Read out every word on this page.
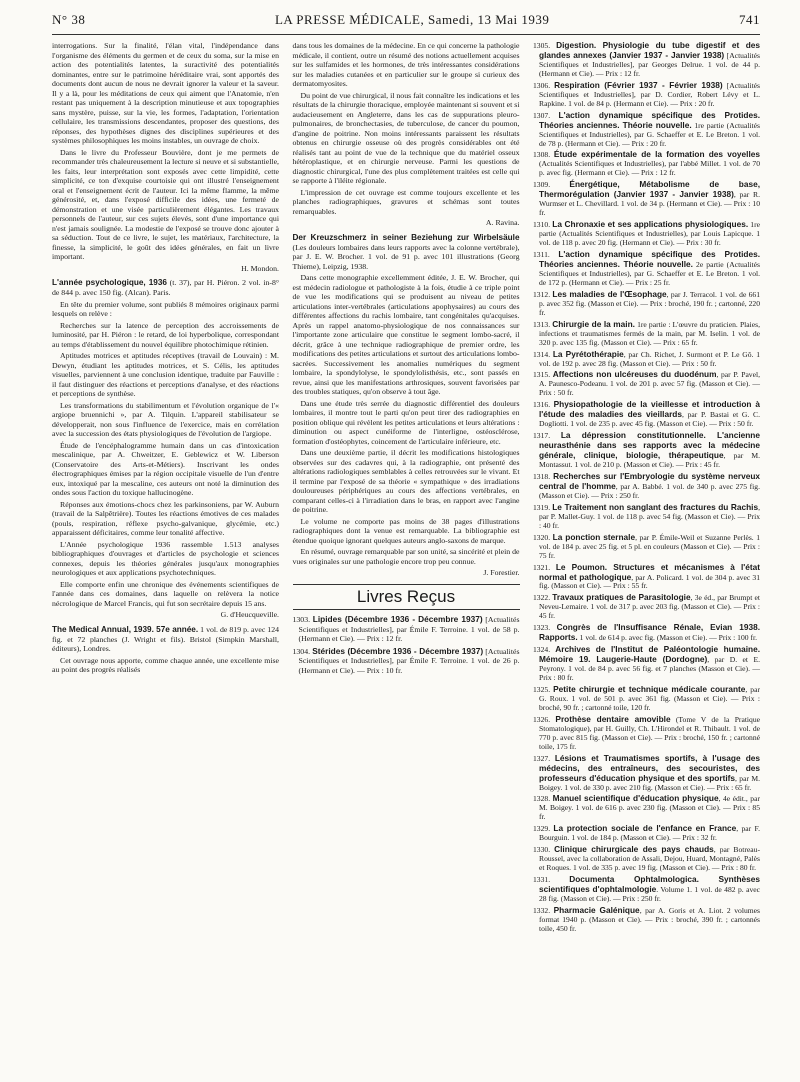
N° 38	LA PRESSE MÉDICALE, Samedi, 13 Mai 1939	741

interrogations. Sur la finalité, l'élan vital, l'indépendance dans l'organisme des éléments du germen et de ceux du soma, sur la mise en action des potentialités latentes, la suractivité des potentialités dominantes, entre sur le patrimoine héréditaire vrai, sont apportés des documents dont aucun de nous ne devrait ignorer la valeur et la saveur. Il y a là, pour les méditations de ceux qui aiment que l'Anatomie, n'en restant pas uniquement à la description minutieuse et aux topographies sans mystère, puisse, sur la vie, les formes, l'adaptation, l'orientation cellulaire, les transmissions descendantes, proposer des questions, des réponses, des hypothèses dignes des disciplines supérieures et des systèmes philosophiques les moins instables, un ouvrage de choix.

Dans le livre du Professeur Bouvière, dont je me permets de recommander très chaleureusement la lecture si neuve et si substantielle, les faits, leur interprétation sont exposés avec cette limpidité, cette simplicité, ce ton d'exquise courtoisie qui ont illustré l'enseignement oral et l'enseignement écrit de l'auteur. Ici la même flamme, la même générosité, et, dans l'exposé difficile des idées, une fermeté de démonstration et une visée particulièrement élégantes. Les travaux personnels de l'auteur, sur ces sujets élevés, sont d'une importance qui n'est jamais soulignée. La modestie de l'exposé se trouve donc ajouter à sa séduction. Tout de ce livre, le sujet, les matériaux, l'architecture, la finesse, la simplicité, le goût des idées générales, en fait un livre important.

H. Mondon.

L'année psychologique, 1936 (t. 37), par H. Piéron. 2 vol. in-8° de 844 p. avec 150 fig. (Alcan). Paris.

En tête du premier volume, sont publiés 8 mémoires originaux parmi lesquels on relève :

Recherches sur la latence de perception des accroissements de luminosité, par H. Piéron : le retard, de loi hyperbolique, correspondant au temps d'établissement du nouvel équilibre photochimique rétinien.

Aptitudes motrices et aptitudes réceptives (travail de Louvain) : M. Dewyn, étudiant les aptitudes motrices, et S. Célis, les aptitudes visuelles, parviennent à une conclusion identique, traduite par Fauville : il faut distinguer des réactions et perceptions d'analyse, et des réactions et perceptions de synthèse.

Les transformations du stabilimentum et l'évolution organique de l'« argiope bruennichi », par A. Tilquin. L'appareil stabilisateur se développerait, non sous l'influence de l'exercice, mais en corrélation avec la succession des états physiologiques de l'évolution de l'argiope.

Étude de l'encéphalogramme humain dans un cas d'intoxication mescalinique, par A. Chweitzer, E. Geblewicz et W. Liberson (Conservatoire des Arts-et-Métiers). Inscrivant les ondes électrographiques émises par la région occipitale visuelle de l'un d'entre eux, intoxiqué par la mescaline, ces auteurs ont noté la diminution des ondes sous l'action du toxique hallucinogène.

Réponses aux émotions-chocs chez les parkinsoniens, par W. Auburn (travail de la Salpêtrière). Toutes les réactions émotives de ces malades (pouls, respiration, réflexe psycho-galvanique, glycémie, etc.) apparaissent déficitaires, comme leur tonalité affective.

L'Année psychologique 1936 rassemble 1.513 analyses bibliographiques d'ouvrages et d'articles de psychologie et sciences connexes, depuis les théories générales jusqu'aux monographies neurologiques et aux applications psychotechniques.

Elle comporte enfin une chronique des événements scientifiques de l'année dans ces domaines, dans laquelle on relèvera la notice nécrologique de Marcel Francis, qui fut son secrétaire depuis 15 ans.

G. d'Heucqueville.

The Medical Annual, 1939. 57e année. 1 vol. de 819 p. avec 124 fig. et 72 planches (J. Wright et fils). Bristol (Simpkin Marshall, éditeurs), Londres.

Cet ouvrage nous apporte, comme chaque année, une excellente mise au point des progrès réalisés

dans tous les domaines de la médecine. En ce qui concerne la pathologie médicale, il contient, outre un résumé des notions actuellement acquises sur les sulfamides et les hormones, de très intéressantes considérations sur les maladies cutanées et en particulier sur le groupe si curieux des dermatomyosites.

Du point de vue chirurgical, il nous fait connaître les indications et les résultats de la chirurgie thoracique, employée maintenant si souvent et si audacieusement en Angleterre, dans les cas de suppurations pleuro-pulmonaires, de bronchectasies, de tuberculose, de cancer du poumon, d'angine de poitrine. Non moins intéressants paraissent les résultats obtenus en chirurgie osseuse où des progrès considérables ont été réalisés tant au point de vue de la technique que du matériel osseux hétéroplastique, et en chirurgie nerveuse. Parmi les questions de diagnostic chirurgical, l'une des plus complètement traitées est celle qui se rapporte à l'iléite régionale.

L'impression de cet ouvrage est comme toujours excellente et les planches radiographiques, gravures et schémas sont toutes remarquables.

A. Ravina.

Der Kreuzschmerz in seiner Beziehung zur Wirbelsäule (Les douleurs lombaires dans leurs rapports avec la colonne vertébrale), par J. E. W. Brocher. 1 vol. de 91 p. avec 101 illustrations (Georg Thieme), Leipzig, 1938.

Dans cette monographie excellemment éditée, J. E. W. Brocher, qui est médecin radiologue et pathologiste à la fois, étudie à ce triple point de vue les modifications qui se produisent au niveau de petites articulations inter-vertébrales (articulations apophysaires) au cours des différentes affections du rachis lombaire, tant congénitales qu'acquises. Après un rappel anatomo-physiologique de nos connaissances sur l'importante zone articulaire que constitue le segment lombo-sacré, il décrit, grâce à une technique radiographique de premier ordre, les modifications des petites articulations et surtout des articulations lombo-sacrées. Successivement les anomalies numériques du segment lombaire, la spondylolyse, le spondylolisthésis, etc., sont passés en revue, ainsi que les manifestations arthrosiques, souvent favorisées par des troubles statiques, qu'on observe à tout âge.

Dans une étude très serrée du diagnostic différentiel des douleurs lombaires, il montre tout le parti qu'on peut tirer des radiographies en position oblique qui révèlent les petites articulations et leurs altérations : diminution ou aspect cunéiforme de l'interligne, ostéosclérose, formation d'ostéophytes, coincement de l'articulaire inférieure, etc.

Dans une deuxième partie, il décrit les modifications histologiques observées sur des cadavres qui, à la radiographie, ont présenté des altérations radiologiques semblables à celles retrouvées sur le vivant. Et il termine par l'exposé de sa théorie « sympathique » des irradiations douloureuses périphériques au cours des affections vertébrales, en comparant celles-ci à l'irradiation dans le bras, en rapport avec l'angine de poitrine.

Le volume ne comporte pas moins de 38 pages d'illustrations radiographiques dont la venue est remarquable. La bibliographie est étendue quoique ignorant quelques auteurs anglo-saxons de marque.

En résumé, ouvrage remarquable par son unité, sa sincérité et plein de vues originales sur une pathologie encore trop peu connue.

J. Forestier.

Livres Reçus

1303. Lipides (Décembre 1936 - Décembre 1937) [Actualités Scientifiques et Industrielles], par Émile F. Terroine. 1 vol. de 58 p. (Hermann et Cie). — Prix : 12 fr.

1304. Stérides (Décembre 1936 - Décembre 1937) [Actualités Scientifiques et Industrielles], par Émile F. Terroine. 1 vol. de 26 p. (Hermann et Cie). — Prix : 10 fr.

1305. Digestion. Physiologie du tube digestif et des glandes annexes (Janvier 1937 - Janvier 1938) [Actualités Scientifiques et Industrielles], par Georges Delrue. 1 vol. de 44 p. (Hermann et Cie). — Prix : 12 fr.

1306. Respiration (Février 1937 - Février 1938) [Actualités Scientifiques et Industrielles], par D. Cordier, Robert Lévy et L. Rapkine. 1 vol. de 84 p. (Hermann et Cie). — Prix : 20 fr.

1307. L'action dynamique spécifique des Protides. Théories anciennes. Théorie nouvelle. 1re partie (Actualités Scientifiques et Industrielles), par G. Schaeffer et E. Le Breton. 1 vol. de 78 p. (Hermann et Cie). — Prix : 20 fr.

1308. Étude expérimentale de la formation des voyelles (Actualités Scientifiques et Industrielles), par l'abbé Millet. 1 vol. de 70 p. avec fig. (Hermann et Cie). — Prix : 12 fr.

1309. Énergétique, Métabolisme de base, Thermorégulation (Janvier 1937 - Janvier 1938), par R. Wurmser et L. Chevillard. 1 vol. de 34 p. (Hermann et Cie). — Prix : 10 fr.

1310. La Chronaxie et ses applications physiologiques. 1re partie (Actualités Scientifiques et Industrielles), par Louis Lapicque. 1 vol. de 118 p. avec 20 fig. (Hermann et Cie). — Prix : 30 fr.

1311. L'action dynamique spécifique des Protides. Théories anciennes. Théorie nouvelle. 2e partie (Actualités Scientifiques et Industrielles), par G. Schaeffer et E. Le Breton. 1 vol. de 172 p. (Hermann et Cie). — Prix : 25 fr.

1312. Les maladies de l'Œsophage, par J. Terracol. 1 vol. de 661 p. avec 352 fig. (Masson et Cie). — Prix : broché, 190 fr. ; cartonné, 220 fr.

1313. Chirurgie de la main. 1re partie : L'œuvre du praticien. Plaies, infections et traumatismes fermés de la main, par M. Iselin. 1 vol. de 320 p. avec 135 fig. (Masson et Cie). — Prix : 65 fr.

1314. La Pyrétothérapie, par Ch. Richet, J. Surmont et P. Le Gô. 1 vol. de 192 p. avec 28 fig. (Masson et Cie). — Prix : 50 fr.

1315. Affections non ulcéreuses du duodénum, par P. Pavel, A. Paunesco-Podeanu. 1 vol. de 201 p. avec 57 fig. (Masson et Cie). — Prix : 50 fr.

1316. Physiopathologie de la vieillesse et introduction à l'étude des maladies des vieillards, par P. Bastai et G. C. Dogliotti. 1 vol. de 235 p. avec 45 fig. (Masson et Cie). — Prix : 50 fr.

1317. La dépression constitutionnelle. L'ancienne neurasthénie dans ses rapports avec la médecine générale, clinique, biologie, thérapeutique, par M. Montassut. 1 vol. de 210 p. (Masson et Cie). — Prix : 45 fr.

1318. Recherches sur l'Embryologie du système nerveux central de l'homme, par A. Babbé. 1 vol. de 340 p. avec 275 fig. (Masson et Cie). — Prix : 250 fr.

1319. Le Traitement non sanglant des fractures du Rachis, par P. Mallet-Guy. 1 vol. de 118 p. avec 54 fig. (Masson et Cie). — Prix : 40 fr.

1320. La ponction sternale, par P. Émile-Weil et Suzanne Perlès. 1 vol. de 184 p. avec 25 fig. et 5 pl. en couleurs (Masson et Cie). — Prix : 75 fr.

1321. Le Poumon. Structures et mécanismes à l'état normal et pathologique, par A. Policard. 1 vol. de 304 p. avec 31 fig. (Masson et Cie). — Prix : 55 fr.

1322. Travaux pratiques de Parasitologie, 3e éd., par Brumpt et Neveu-Lemaire. 1 vol. de 317 p. avec 203 fig. (Masson et Cie). — Prix : 45 fr.

1323. Congrès de l'Insuffisance Rénale, Evian 1938. Rapports. 1 vol. de 614 p. avec fig. (Masson et Cie). — Prix : 100 fr.

1324. Archives de l'Institut de Paléontologie humaine. Mémoire 19. Laugerie-Haute (Dordogne), par D. et E. Peyrony. 1 vol. de 84 p. avec 56 fig. et 7 planches (Masson et Cie). — Prix : 80 fr.

1325. Petite chirurgie et technique médicale courante, par G. Roux. 1 vol. de 501 p. avec 361 fig. (Masson et Cie). — Prix : broché, 90 fr. ; cartonné toile, 120 fr.

1326. Prothèse dentaire amovible (Tome V de la Pratique Stomatologique), par H. Guilly, Ch. L'Hirondel et R. Thibault. 1 vol. de 770 p. avec 815 fig. (Masson et Cie). — Prix : broché, 150 fr. ; cartonné toile, 175 fr.

1327. Lésions et Traumatismes sportifs, à l'usage des médecins, des entraîneurs, des secouristes, des professeurs d'éducation physique et des sportifs, par M. Boigey. 1 vol. de 330 p. avec 210 fig. (Masson et Cie). — Prix : 65 fr.

1328. Manuel scientifique d'éducation physique, 4e édit., par M. Boigey. 1 vol. de 616 p. avec 230 fig. (Masson et Cie). — Prix : 85 fr.

1329. La protection sociale de l'enfance en France, par F. Bourguin. 1 vol. de 184 p. (Masson et Cie). — Prix : 32 fr.

1330. Clinique chirurgicale des pays chauds, par Botreau-Roussel, avec la collaboration de Assali, Dejou, Huard, Montagné, Palès et Roques. 1 vol. de 335 p. avec 19 fig. (Masson et Cie). — Prix : 80 fr.

1331. Documenta Ophtalmologica. Synthèses scientifiques d'ophtalmologie. Volume 1. 1 vol. de 482 p. avec 28 fig. (Masson et Cie). — Prix : 250 fr.

1332. Pharmacie Galénique, par A. Goris et A. Liot. 2 volumes format 1940 p. (Masson et Cie). — Prix : broché, 390 fr. ; cartonnés toile, 450 fr.
